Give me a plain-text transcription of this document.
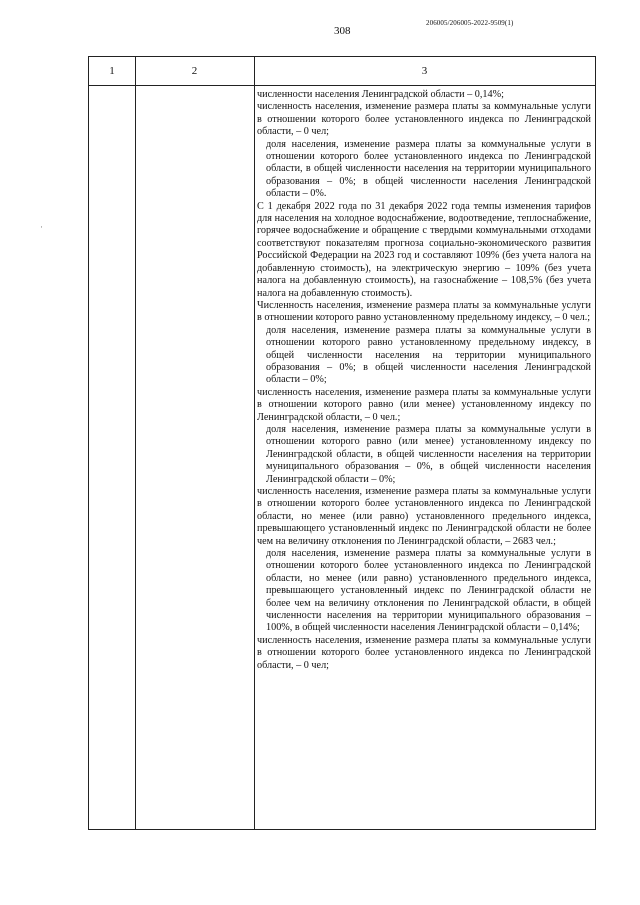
308
206005/206005-2022-9509(1)
·
1	2	3

численности населения Ленинградской области – 0,14%;

численность населения, изменение размера платы за коммунальные услуги в отношении которого более установленного индекса по Ленинградской области, – 0 чел;

доля населения, изменение размера платы за коммунальные услуги в отношении которого более установленного индекса по Ленинградской области, в общей численности населения на территории муниципального образования – 0%; в общей численности населения Ленинградской области – 0%.

С 1 декабря 2022 года по 31 декабря 2022 года темпы изменения тарифов для населения на холодное водоснабжение, водоотведение, теплоснабжение, горячее водоснабжение и обращение с твердыми коммунальными отходами соответствуют показателям прогноза социально-экономического развития Российской Федерации на 2023 год и составляют 109% (без учета налога на добавленную стоимость), на электрическую энергию – 109% (без учета налога на добавленную стоимость), на газоснабжение – 108,5% (без учета налога на добавленную стоимость).

Численность населения, изменение размера платы за коммунальные услуги в отношении которого равно установленному предельному индексу, – 0 чел.;

доля населения, изменение размера платы за коммунальные услуги в отношении которого равно установленному предельному индексу, в общей численности населения на территории муниципального образования – 0%; в общей численности населения Ленинградской области – 0%;

численность населения, изменение размера платы за коммунальные услуги в отношении которого равно (или менее) установленному индексу по Ленинградской области, – 0 чел.;

доля населения, изменение размера платы за коммунальные услуги в отношении которого равно (или менее) установленному индексу по Ленинградской области, в общей численности населения на территории муниципального образования – 0%, в общей численности населения Ленинградской области – 0%;

численность населения, изменение размера платы за коммунальные услуги в отношении которого более установленного индекса по Ленинградской области, но менее (или равно) установленного предельного индекса, превышающего установленный индекс по Ленинградской области не более чем на величину отклонения по Ленинградской области, – 2683 чел.;

доля населения, изменение размера платы за коммунальные услуги в отношении которого более установленного индекса по Ленинградской области, но менее (или равно) установленного предельного индекса, превышающего установленный индекс по Ленинградской области не более чем на величину отклонения по Ленинградской области, в общей численности населения на территории муниципального образования – 100%, в общей численности населения Ленинградской области – 0,14%;

численность населения, изменение размера платы за коммунальные услуги в отношении которого более установленного индекса по Ленинградской области, – 0 чел;
